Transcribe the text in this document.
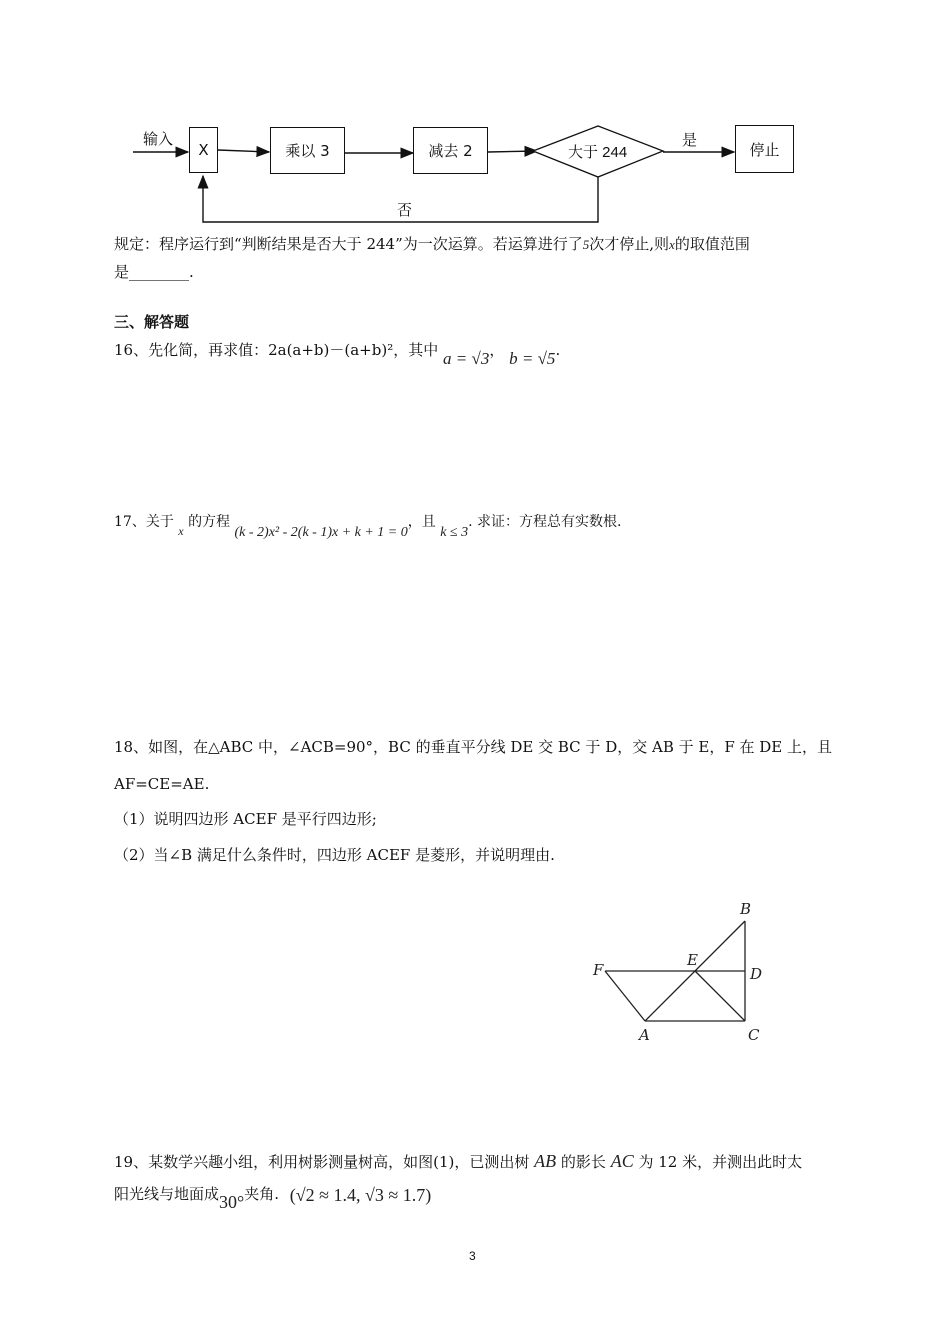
输入
X	乘以 3	减去 2	大于 244
是	停止
否
规定：程序运行到“判断结果是否大于 244”为一次运算。若运算进行了5次才停止,则x的取值范围
是________.
三、解答题
16、先化简，再求值：2a(a+b)－(a+b)²，其中 a = √3， b = √5.
17、关于 x 的方程 (k - 2)x² - 2(k - 1)x + k + 1 = 0，且 k ≤ 3. 求证：方程总有实数根.
18、如图，在△ABC 中，∠ACB=90°，BC 的垂直平分线 DE 交 BC 于 D，交 AB 于 E，F 在 DE 上，且
AF=CE=AE.
（1）说明四边形 ACEF 是平行四边形;
（2）当∠B 满足什么条件时，四边形 ACEF 是菱形，并说明理由.
B
F
E
D
A	C
19、某数学兴趣小组，利用树影测量树高，如图(1)，已测出树 AB 的影长 AC 为 12 米，并测出此时太
阳光线与地面成30°夹角. (√2 ≈ 1.4, √3 ≈ 1.7)
3
